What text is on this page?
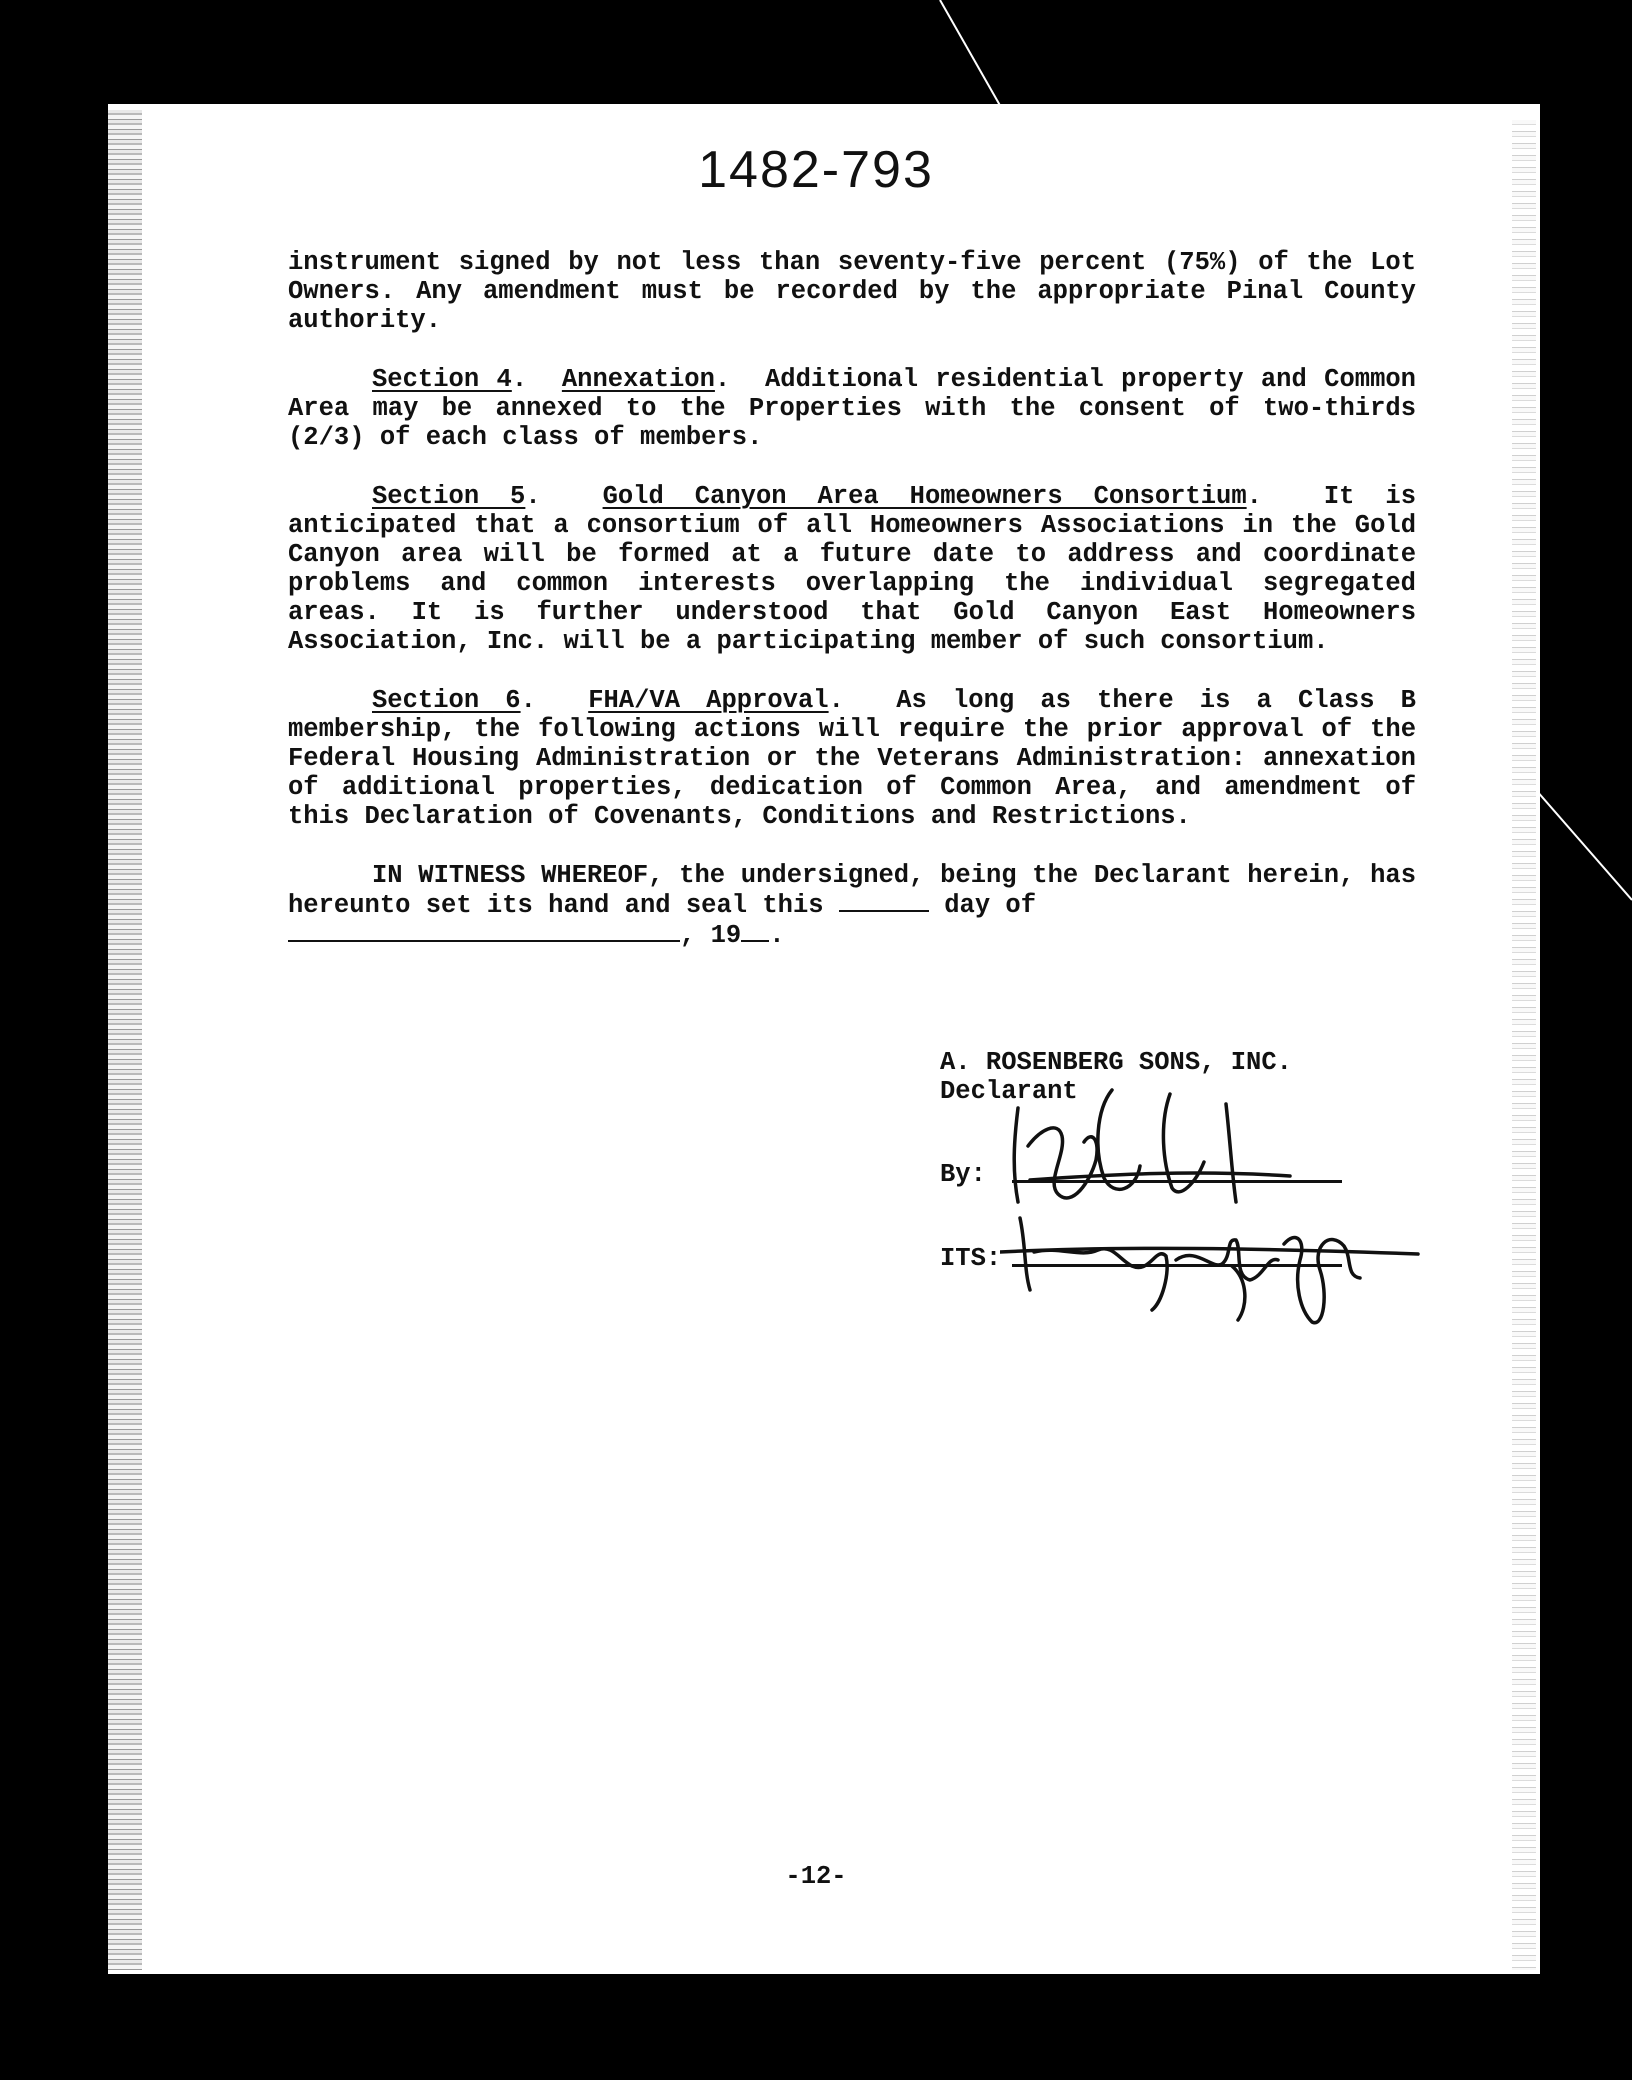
1482-793

instrument signed by not less than seventy-five percent (75%) of the Lot Owners. Any amendment must be recorded by the appropriate Pinal County authority.

Section 4.  Annexation.  Additional residential property and Common Area may be annexed to the Properties with the consent of two-thirds (2/3) of each class of members.

Section 5.  Gold Canyon Area Homeowners Consortium.  It is anticipated that a consortium of all Homeowners Associations in the Gold Canyon area will be formed at a future date to address and coordinate problems and common interests overlapping the individual segregated areas. It is further understood that Gold Canyon East Homeowners Association, Inc. will be a participating member of such consortium.

Section 6.  FHA/VA Approval.  As long as there is a Class B membership, the following actions will require the prior approval of the Federal Housing Administration or the Veterans Administration: annexation of additional properties, dedication of Common Area, and amendment of this Declaration of Covenants, Conditions and Restrictions.

IN WITNESS WHEREOF, the undersigned, being the Declarant herein, has hereunto set its hand and seal this	day of
, 19 .

A. ROSENBERG SONS, INC.
Declarant
By:
ITS:
-12-
